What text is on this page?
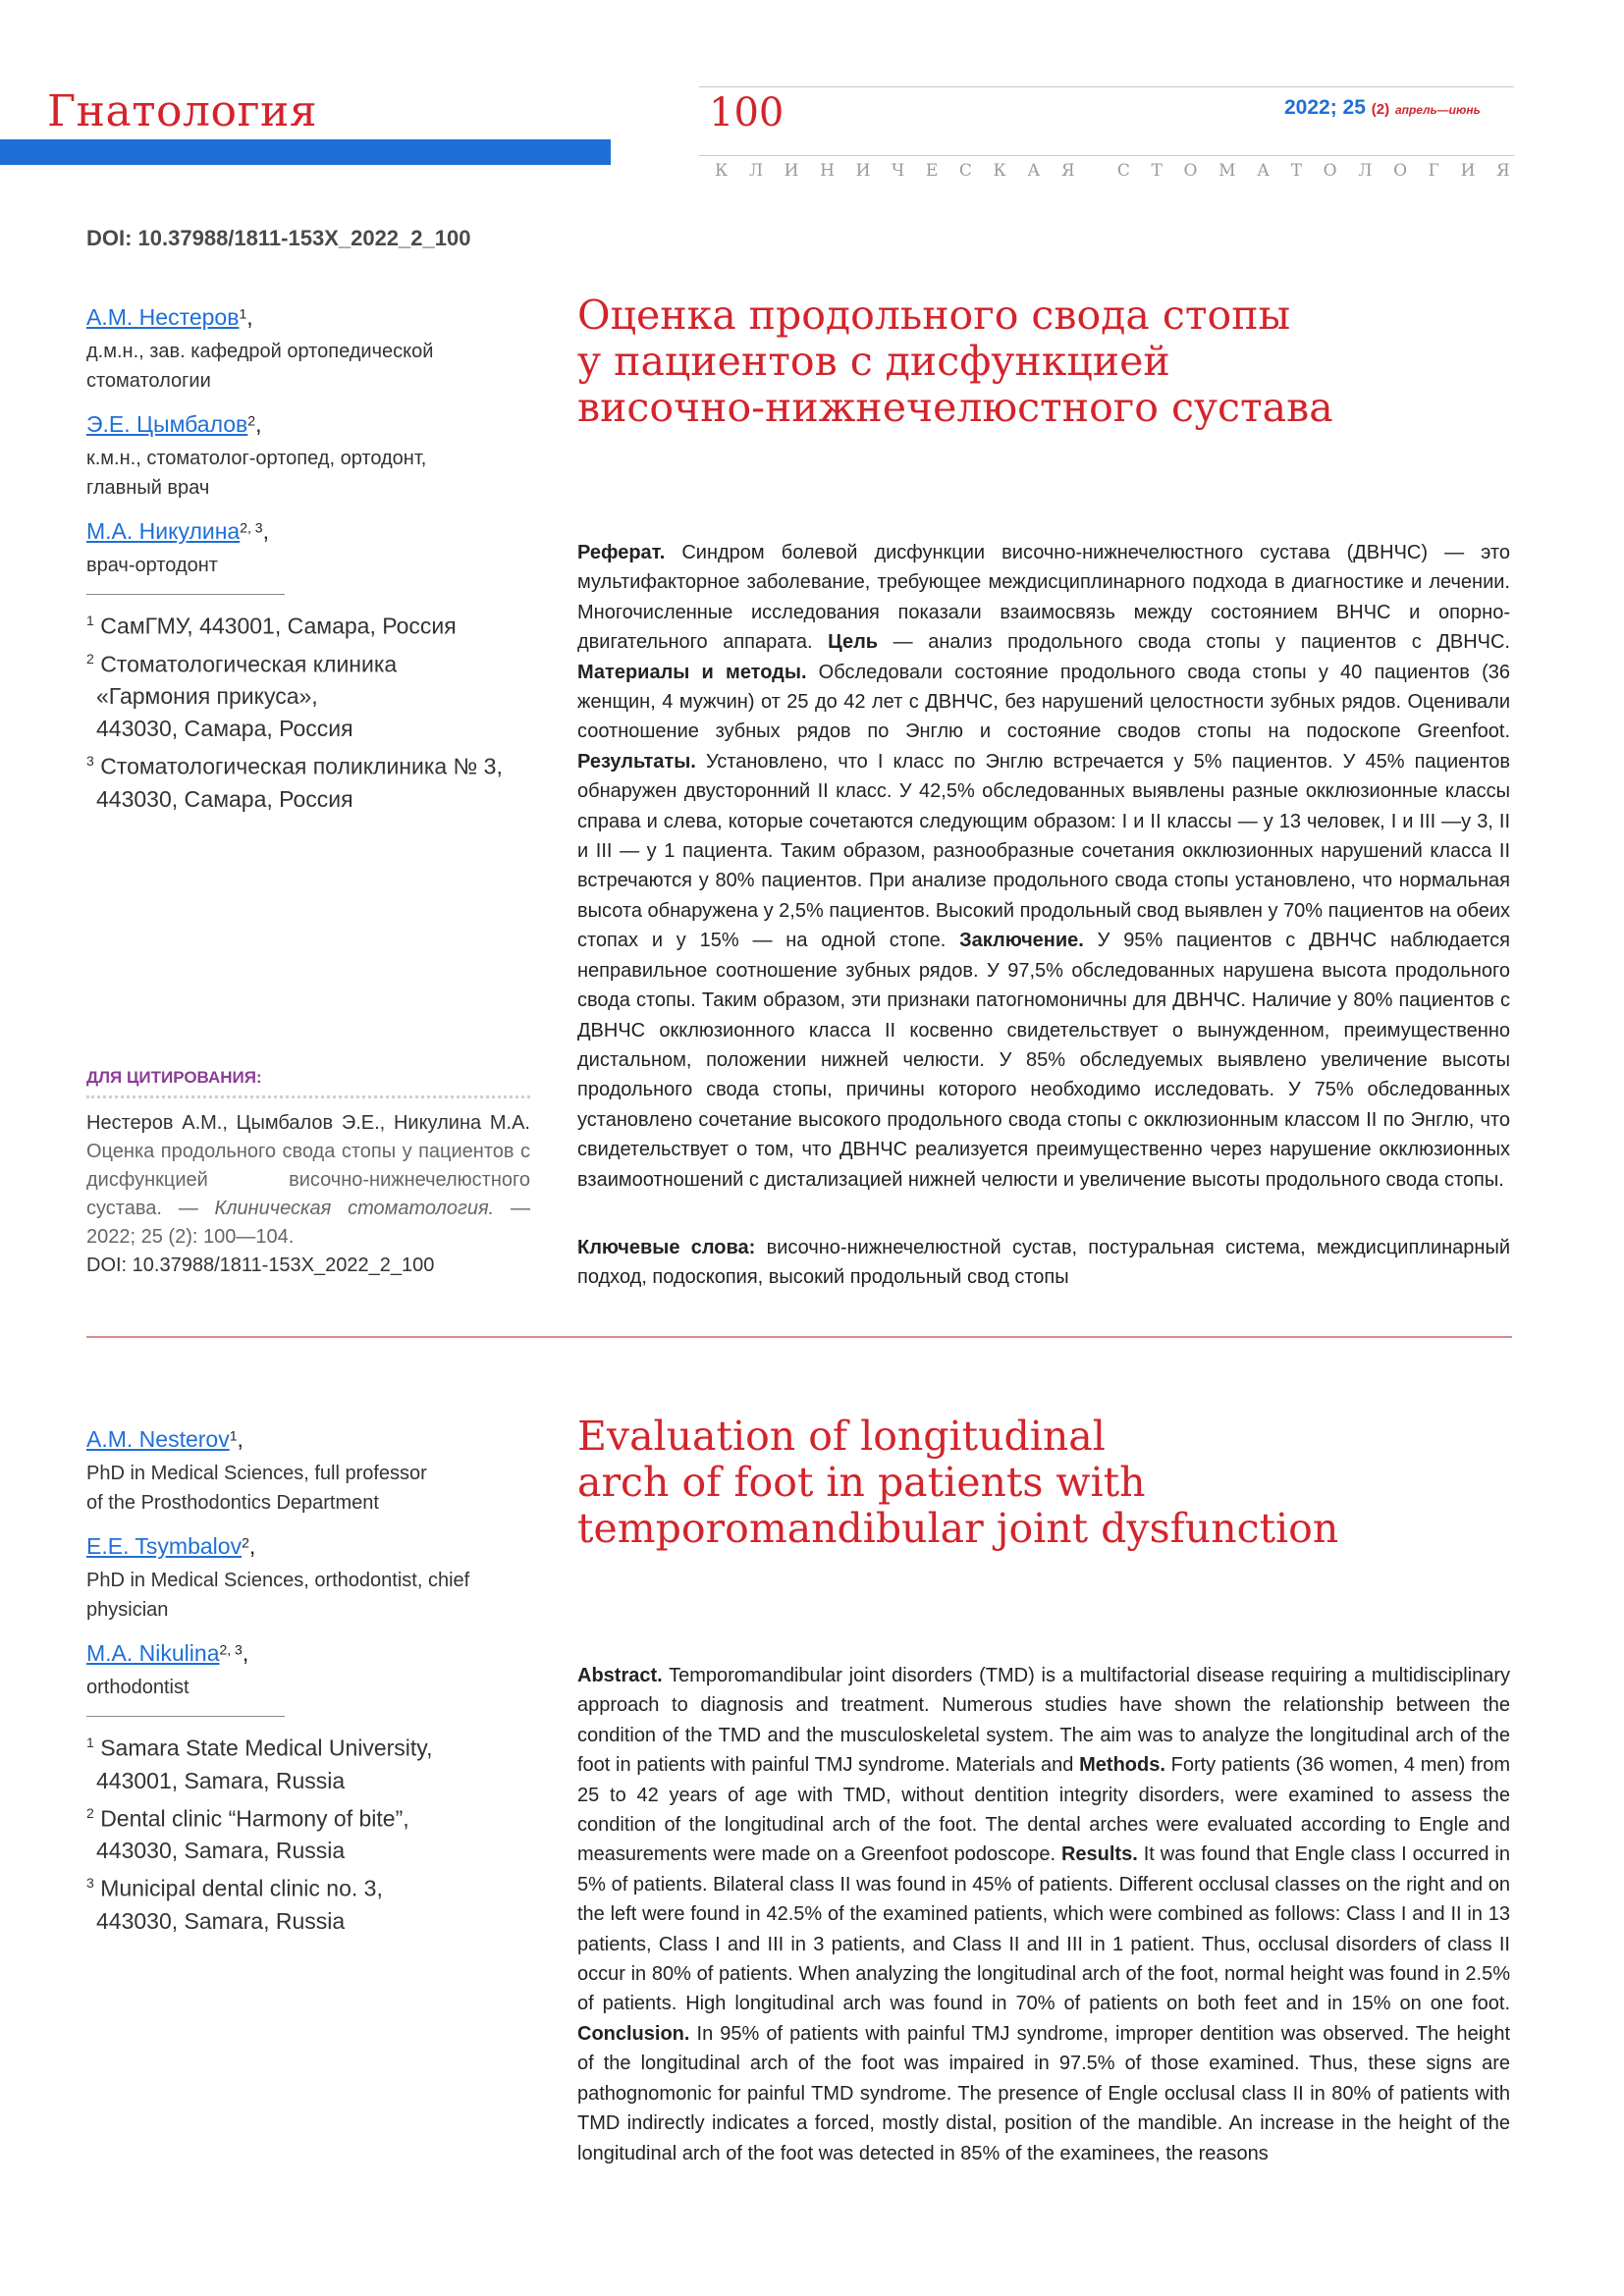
Гнатология	100	2022; 25 (2) апрель—июнь
К Л И Н И Ч Е С К А Я	С Т О М А Т О Л О Г И Я
DOI: 10.37988/1811-153X_2022_2_100
А.М. Нестеров$^1$,
д.м.н., зав. кафедрой ортопедической
стоматологии
Э.Е. Цымбалов$^2$,
к.м.н., стоматолог-ортопед, ортодонт,
главный врач
М.А. Никулина$^{2, 3}$,
врач-ортодонт
$^1$ СамГМУ, 443001, Самара, Россия
$^2$ Стоматологическая клиника
«Гармония прикуса»,
443030, Самара, Россия
$^3$ Стоматологическая поликлиника № 3,
443030, Самара, Россия
ДЛЯ ЦИТИРОВАНИЯ:
Нестеров А.М., Цымбалов Э.Е., Никулина М.А. Оценка продольного свода стопы у пациентов с дисфункцией височно-нижнечелюстного сустава. — Клиническая стоматология. — 2022; 25 (2): 100—104.
DOI: 10.37988/1811-153X_2022_2_100
Оценка продольного свода стопы
у пациентов с дисфункцией
височно-нижнечелюстного сустава
Реферат. Синдром болевой дисфункции височно-нижнечелюстного сустава (ДВНЧС) — это мультифакторное заболевание, требующее междисциплинарного подхода в диагностике и лечении. Многочисленные исследования показали взаимосвязь между состоянием ВНЧС и опорно-двигательного аппарата. Цель — анализ продольного свода стопы у пациентов с ДВНЧС. Материалы и методы. Обследовали состояние продольного свода стопы у 40 пациентов (36 женщин, 4 мужчин) от 25 до 42 лет с ДВНЧС, без нарушений целостности зубных рядов. Оценивали соотношение зубных рядов по Энглю и состояние сводов стопы на подоскопе Greenfoot. Результаты. Установлено, что I класс по Энглю встречается у 5% пациентов. У 45% пациентов обнаружен двусторонний II класс. У 42,5% обследованных выявлены разные окклюзионные классы справа и слева, которые сочетаются следующим образом: I и II классы — у 13 человек, I и III —у 3, II и III — у 1 пациента. Таким образом, разнообразные сочетания окклюзионных нарушений класса II встречаются у 80% пациентов. При анализе продольного свода стопы установлено, что нормальная высота обнаружена у 2,5% пациентов. Высокий продольный свод выявлен у 70% пациентов на обеих стопах и у 15% — на одной стопе. Заключение. У 95% пациентов с ДВНЧС наблюдается неправильное соотношение зубных рядов. У 97,5% обследованных нарушена высота продольного свода стопы. Таким образом, эти признаки патогномоничны для ДВНЧС. Наличие у 80% пациентов с ДВНЧС окклюзионного класса II косвенно свидетельствует о вынужденном, преимущественно дистальном, положении нижней челюсти. У 85% обследуемых выявлено увеличение высоты продольного свода стопы, причины которого необходимо исследовать. У 75% обследованных установлено сочетание высокого продольного свода стопы с окклюзионным классом II по Энглю, что свидетельствует о том, что ДВНЧС реализуется преимущественно через нарушение окклюзионных взаимоотношений с дистализацией нижней челюсти и увеличение высоты продольного свода стопы.
Ключевые слова: височно-нижнечелюстной сустав, постуральная система, междисциплинарный подход, подоскопия, высокий продольный свод стопы
A.M. Nesterov$^1$,
PhD in Medical Sciences, full professor
of the Prosthodontics Department
E.E. Tsymbalov$^2$,
PhD in Medical Sciences, orthodontist, chief
physician
M.A. Nikulina$^{2, 3}$,
orthodontist
$^1$ Samara State Medical University,
443001, Samara, Russia
$^2$ Dental clinic “Harmony of bite”,
443030, Samara, Russia
$^3$ Municipal dental clinic no. 3,
443030, Samara, Russia
Evaluation of longitudinal
arch of foot in patients with
temporomandibular joint dysfunction
Abstract. Temporomandibular joint disorders (TMD) is a multifactorial disease requiring a multidisciplinary approach to diagnosis and treatment. Numerous studies have shown the relationship between the condition of the TMD and the musculoskeletal system. The aim was to analyze the longitudinal arch of the foot in patients with painful TMJ syndrome. Materials and Methods. Forty patients (36 women, 4 men) from 25 to 42 years of age with TMD, without dentition integrity disorders, were examined to assess the condition of the longitudinal arch of the foot. The dental arches were evaluated according to Engle and measurements were made on a Greenfoot podoscope. Results. It was found that Engle class I occurred in 5% of patients. Bilateral class II was found in 45% of patients. Different occlusal classes on the right and on the left were found in 42.5% of the examined patients, which were combined as follows: Class I and II in 13 patients, Class I and III in 3 patients, and Class II and III in 1 patient. Thus, occlusal disorders of class II occur in 80% of patients. When analyzing the longitudinal arch of the foot, normal height was found in 2.5% of patients. High longitudinal arch was found in 70% of patients on both feet and in 15% on one foot. Conclusion. In 95% of patients with painful TMJ syndrome, improper dentition was observed. The height of the longitudinal arch of the foot was impaired in 97.5% of those examined. Thus, these signs are pathognomonic for painful TMD syndrome. The presence of Engle occlusal class II in 80% of patients with TMD indirectly indicates a forced, mostly distal, position of the mandible. An increase in the height of the longitudinal arch of the foot was detected in 85% of the examinees, the reasons
